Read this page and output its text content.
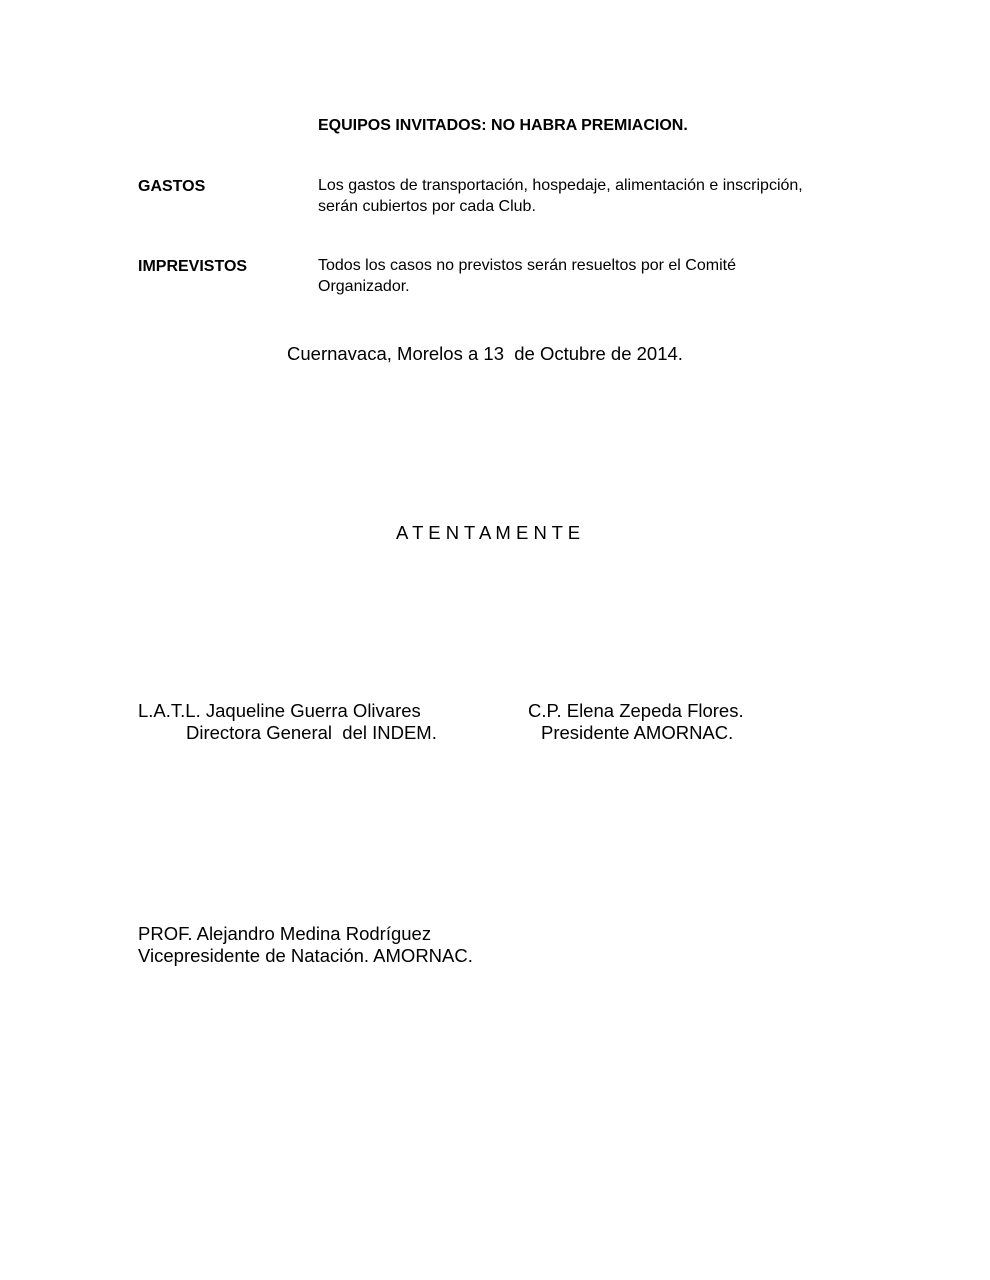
EQUIPOS INVITADOS: NO HABRA PREMIACION.
GASTOS	Los gastos de transportación, hospedaje, alimentación e inscripción,
serán cubiertos por cada Club.
IMPREVISTOS	Todos los casos no previstos serán resueltos por el Comité
Organizador.
Cuernavaca, Morelos a 13  de Octubre de 2014.
A T E N T A M E N T E
L.A.T.L. Jaqueline Guerra Olivares
Directora General  del INDEM.
C.P. Elena Zepeda Flores.
Presidente AMORNAC.
PROF. Alejandro Medina Rodríguez
Vicepresidente de Natación. AMORNAC.
